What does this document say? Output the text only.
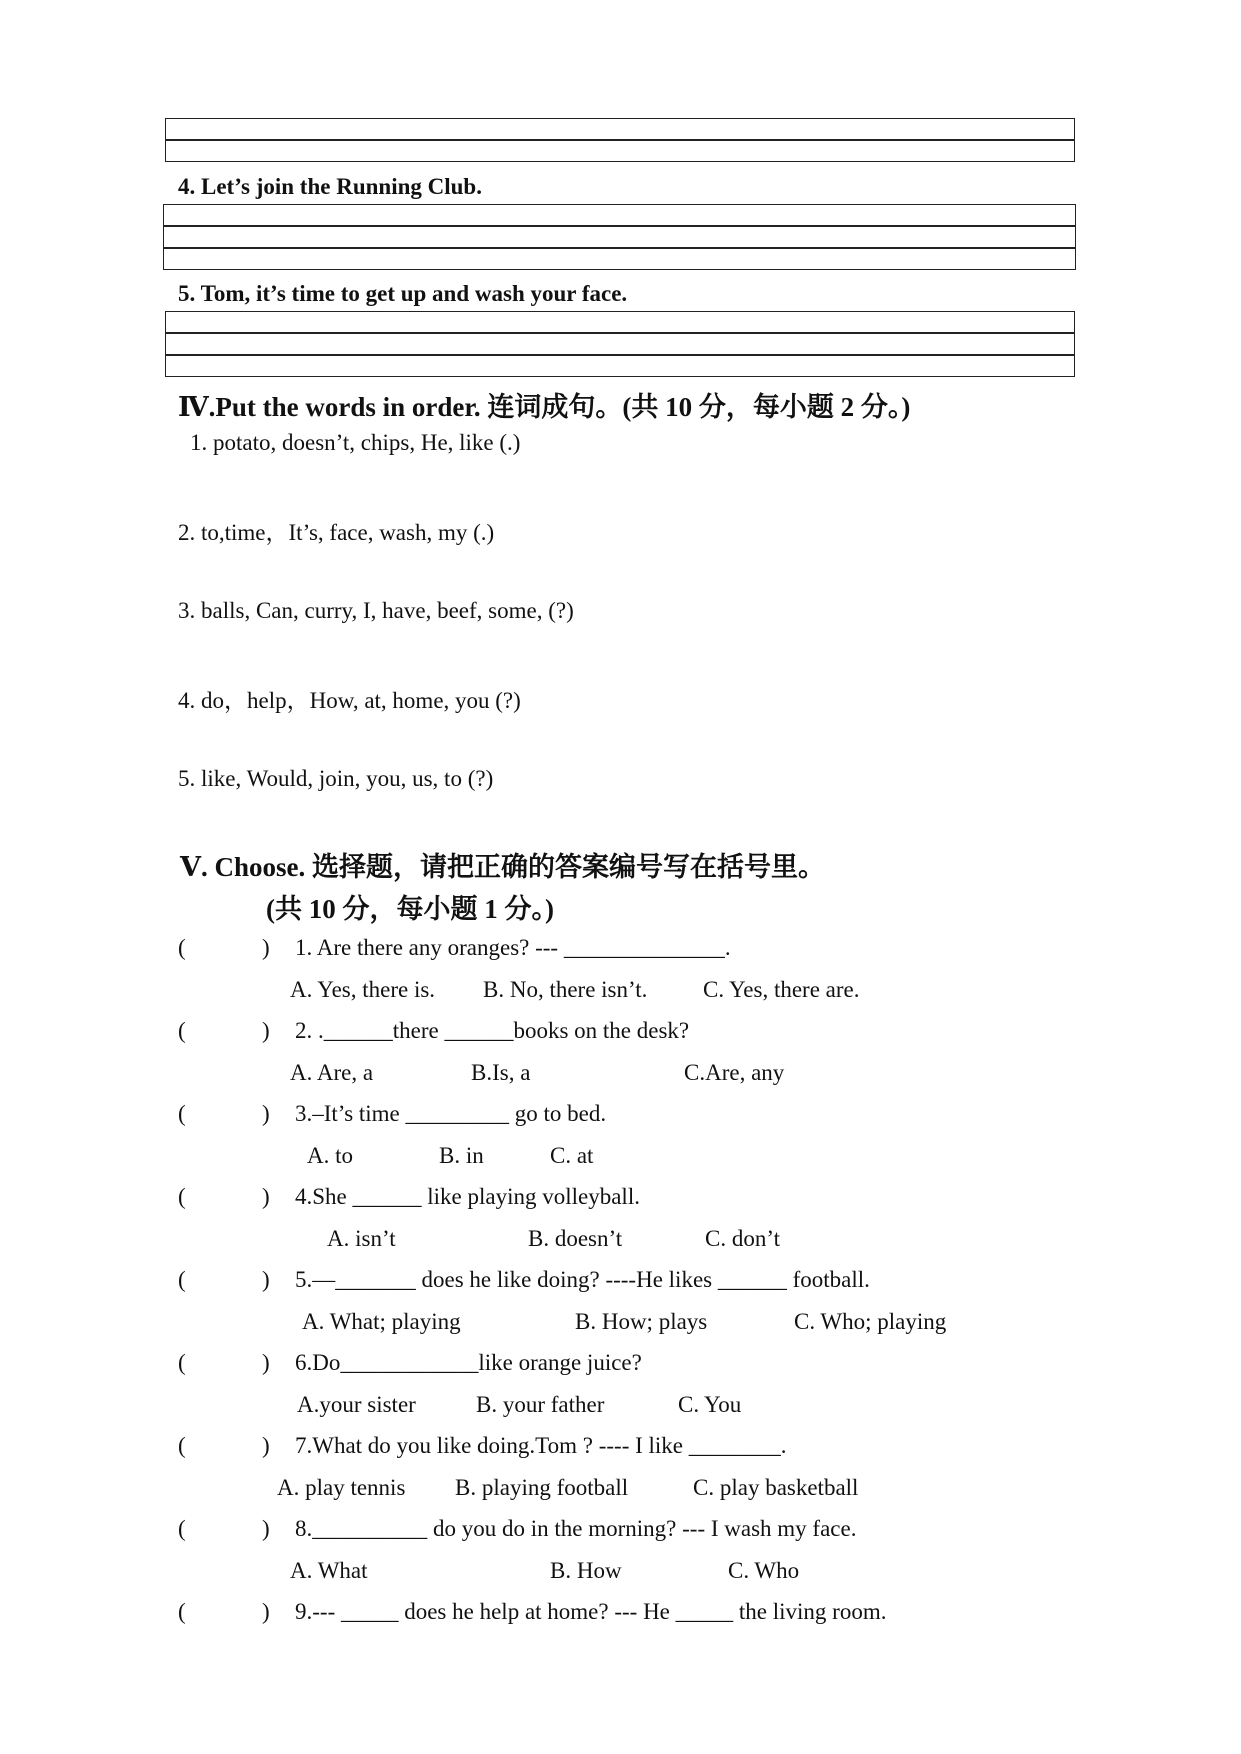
4. Let’s join the Running Club.
5. Tom, it’s time to get up and wash your face.
Ⅳ.Put the words in order. 连词成句。(共 10 分，每小题 2 分。)
1. potato, doesn’t, chips, He, like (.)
2. to,time，It’s, face, wash, my (.)
3. balls, Can, curry, I, have, beef, some, (?)
4. do，help，How, at, home, you (?)
5. like, Would, join, you, us, to (?)
Ⅴ. Choose. 选择题，请把正确的答案编号写在括号里。
(共 10 分，每小题 1 分。)
(	) 1. Are there any oranges? --- ______________.
A. Yes, there is. B. No, there isn’t. C. Yes, there are.
(	) 2. .______there ______books on the desk?
A. Are, a	B.Is, a	C.Are, any
(	) 3.–It’s time _________ go to bed.
A. to	B. in	C. at
(	) 4.She ______ like playing volleyball.
A. isn’t	B. doesn’t	C. don’t
(	) 5.—_______ does he like doing? ----He likes ______ football.
A. What; playing	B. How; plays	C. Who; playing
(	) 6.Do____________like orange juice?
A.your sister	B. your father	C. You
(	) 7.What do you like doing.Tom ? ---- I like ________.
A. play tennis B. playing football	C. play basketball
(	) 8.__________ do you do in the morning? --- I wash my face.
A. What	B. How	C. Who
(	) 9.--- _____ does he help at home? --- He _____ the living room.
